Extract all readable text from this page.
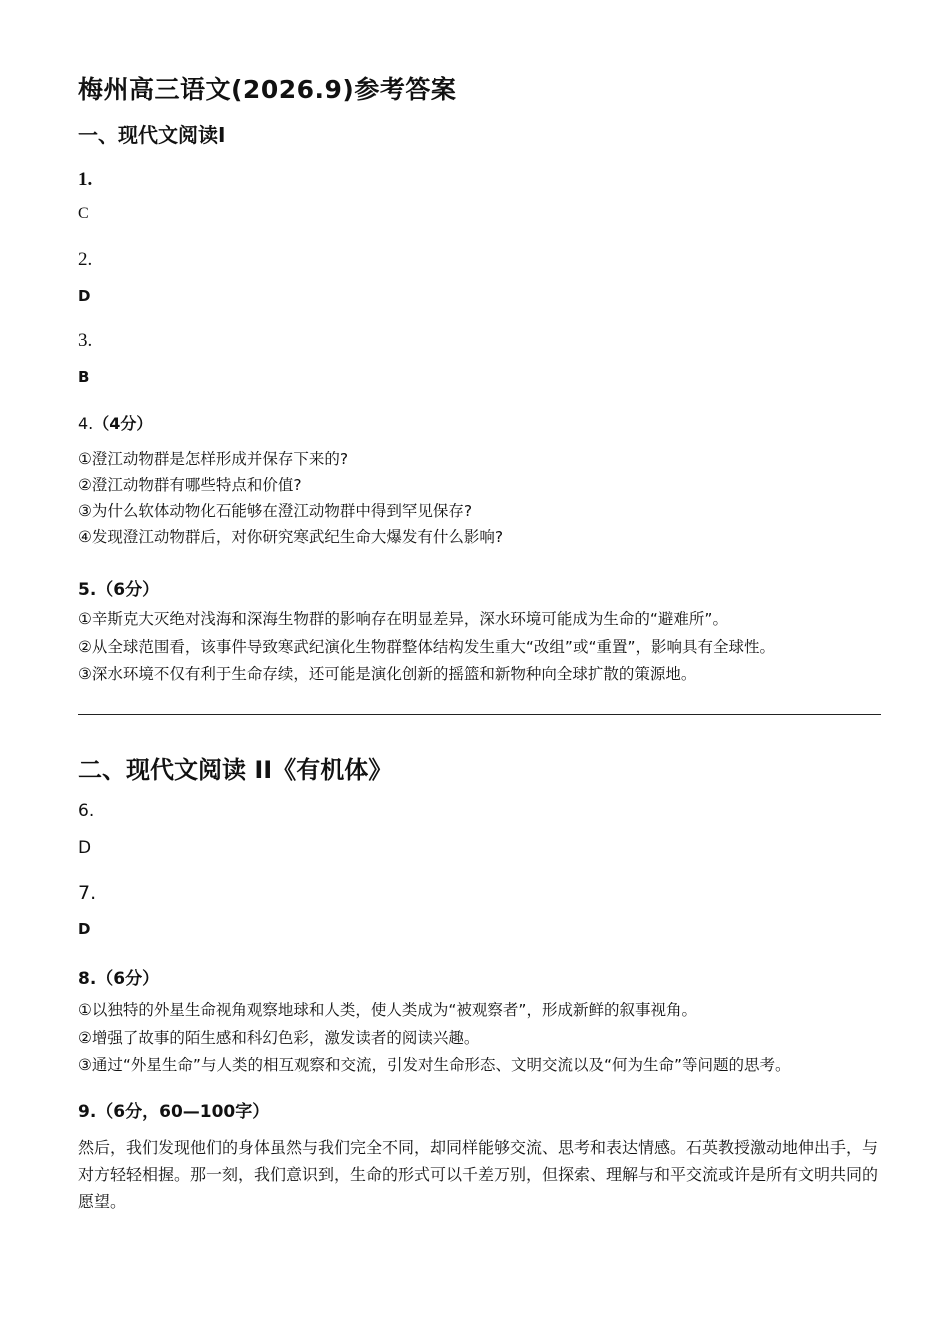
梅州高三语文(2026.9)参考答案
一、现代文阅读I
1.
C
2.
D
3.
B
4.（4分）
①澄江动物群是怎样形成并保存下来的?
②澄江动物群有哪些特点和价值?
③为什么软体动物化石能够在澄江动物群中得到罕见保存?
④发现澄江动物群后，对你研究寒武纪生命大爆发有什么影响?
5.（6分）
①辛斯克大灭绝对浅海和深海生物群的影响存在明显差异，深水环境可能成为生命的“避难所”。
②从全球范围看，该事件导致寒武纪演化生物群整体结构发生重大“改组”或“重置”，影响具有全球性。
③深水环境不仅有利于生命存续，还可能是演化创新的摇篮和新物种向全球扩散的策源地。
二、现代文阅读 II《有机体》
6.
D
7.
D
8.（6分）
①以独特的外星生命视角观察地球和人类，使人类成为“被观察者”，形成新鲜的叙事视角。
②增强了故事的陌生感和科幻色彩，激发读者的阅读兴趣。
③通过“外星生命”与人类的相互观察和交流，引发对生命形态、文明交流以及“何为生命”等问题的思考。
9.（6分，60—100字）

然后，我们发现他们的身体虽然与我们完全不同，却同样能够交流、思考和表达情感。石英教授激动地伸出手，与对方轻轻相握。那一刻，我们意识到，生命的形式可以千差万别，但探索、理解与和平交流或许是所有文明共同的愿望。
